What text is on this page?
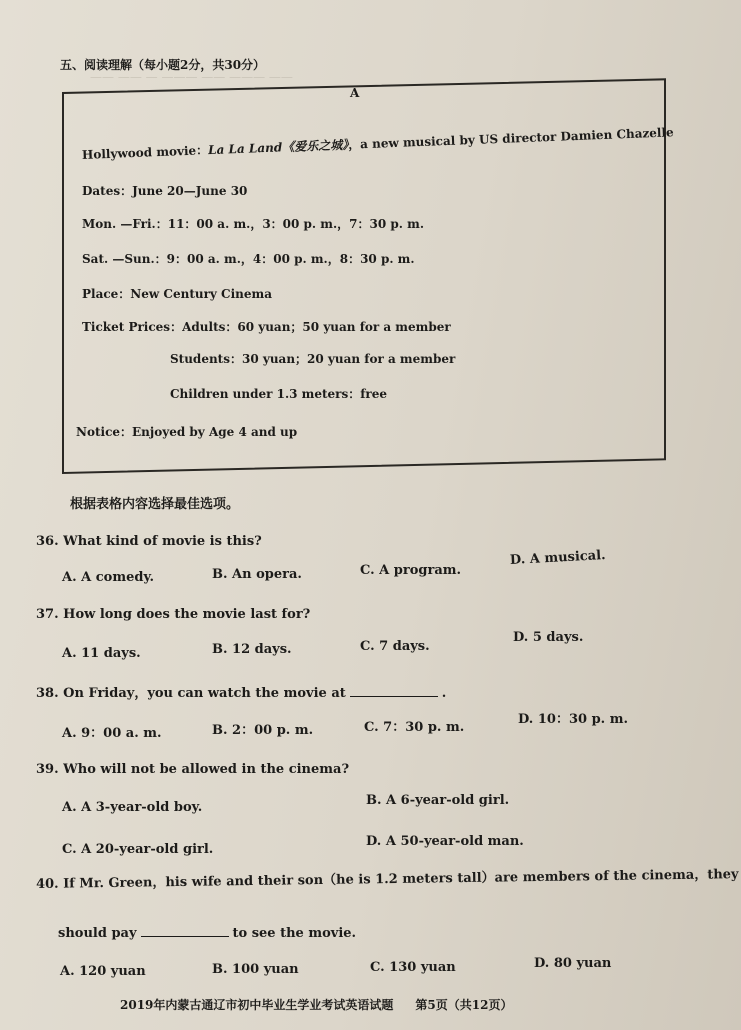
—— —— — ——— —— ——— ——
五、阅读理解（每小题2分，共30分）
A
Hollywood movie：La La Land《爱乐之城》，a new musical by US director Damien Chazelle
Dates：June 20—June 30
Mon. —Fri.：11：00 a. m.，3：00 p. m.，7：30 p. m.
Sat. —Sun.：9：00 a. m.，4：00 p. m.，8：30 p. m.
Place：New Century Cinema
Ticket Prices：Adults：60 yuan；50 yuan for a member
Students：30 yuan；20 yuan for a member
Children under 1.3 meters：free
Notice：Enjoyed by Age 4 and up
根据表格内容选择最佳选项。
36. What kind of movie is this?
A. A comedy.	B. An opera.	C. A program.
D. A musical.
37. How long does the movie last for?
A. 11 days.	B. 12 days.	C. 7 days.
D. 5 days.
38. On Friday，you can watch the movie at	.
A. 9：00 a. m.	B. 2：00 p. m.	C. 7：30 p. m.
D. 10：30 p. m.
39. Who will not be allowed in the cinema?
A. A 3-year-old boy.	B. A 6-year-old girl.
C. A 20-year-old girl.
D. A 50-year-old man.
40. If Mr. Green，his wife and their son（he is 1.2 meters tall）are members of the cinema，they
should pay	to see the movie.
A. 120 yuan	B. 100 yuan	C. 130 yuan	D. 80 yuan
2019年内蒙古通辽市初中毕业生学业考试英语试题 第5页（共12页）
